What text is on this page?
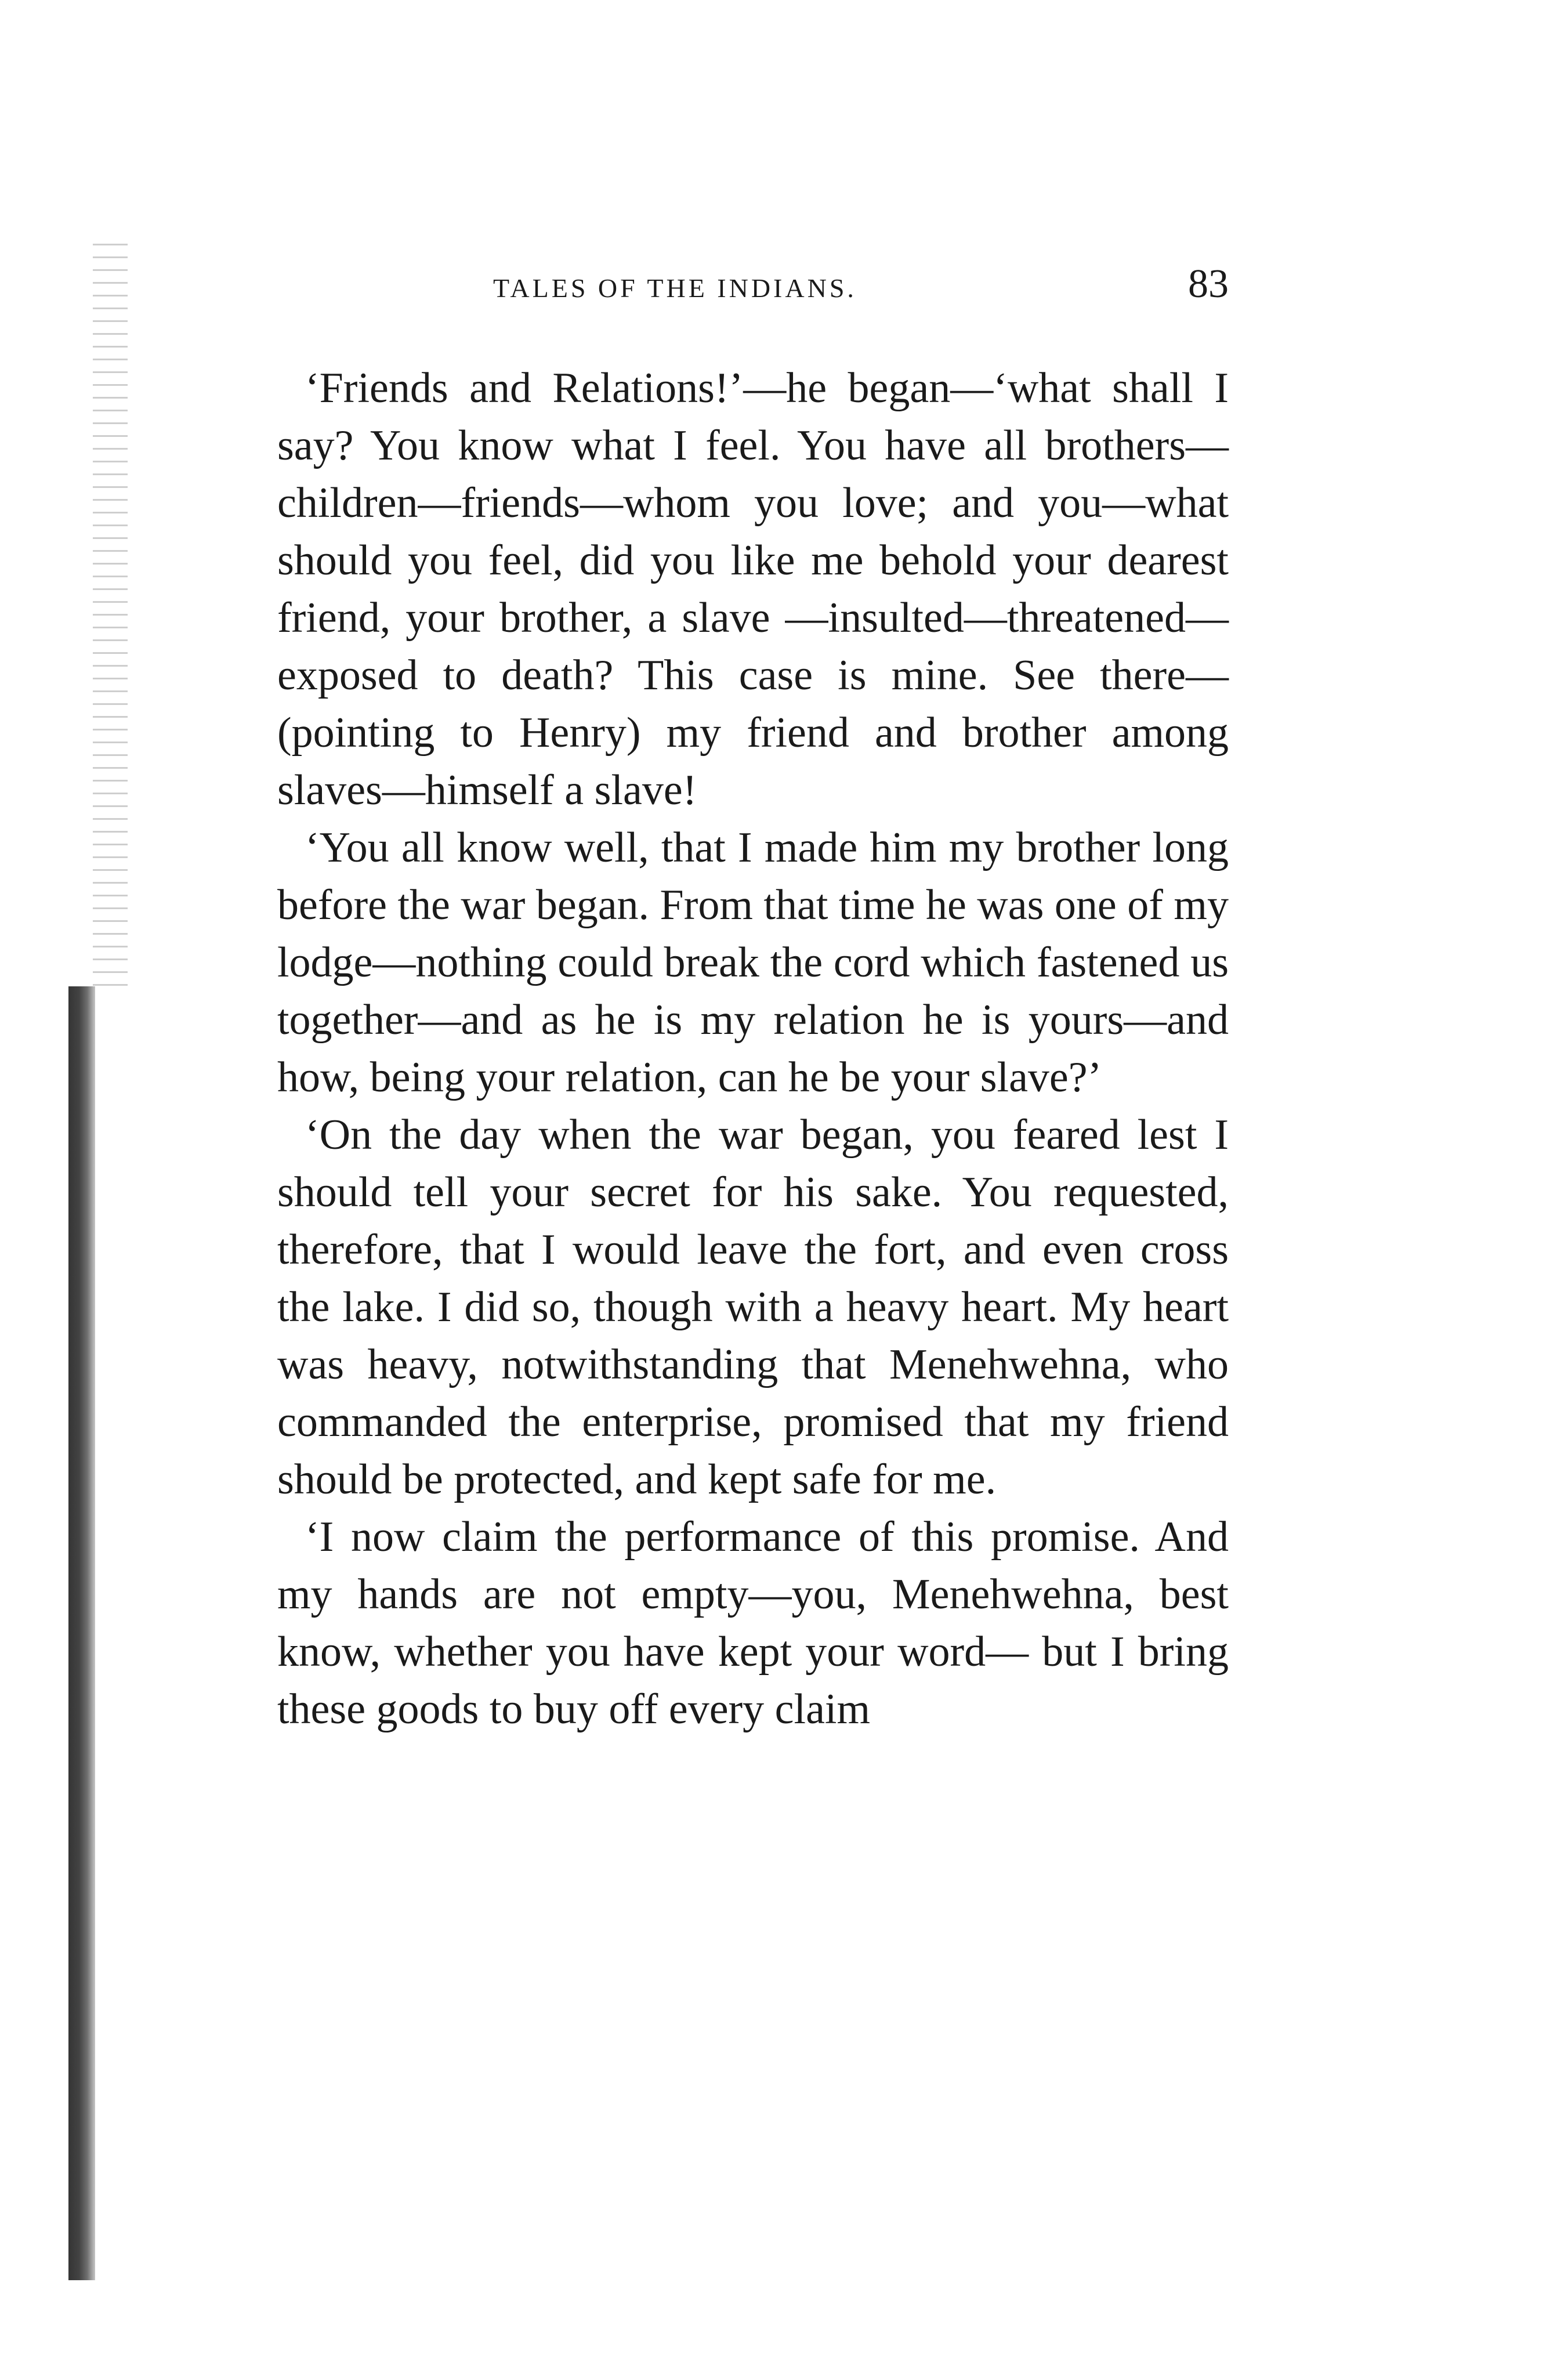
TALES OF THE INDIANS.	83

‘Friends and Relations!’—he began—‘what shall I say? You know what I feel. You have all brothers—children—friends—whom you love; and you—what should you feel, did you like me behold your dearest friend, your brother, a slave —insulted—threatened—exposed to death? This case is mine. See there—(pointing to Henry) my friend and brother among slaves—himself a slave!

‘You all know well, that I made him my brother long before the war began. From that time he was one of my lodge—nothing could break the cord which fastened us together—and as he is my relation he is yours—and how, being your relation, can he be your slave?’

‘On the day when the war began, you feared lest I should tell your secret for his sake. You requested, therefore, that I would leave the fort, and even cross the lake. I did so, though with a heavy heart. My heart was heavy, notwithstanding that Menehwehna, who commanded the enterprise, promised that my friend should be protected, and kept safe for me.

‘I now claim the performance of this promise. And my hands are not empty—you, Menehwehna, best know, whether you have kept your word— but I bring these goods to buy off every claim
